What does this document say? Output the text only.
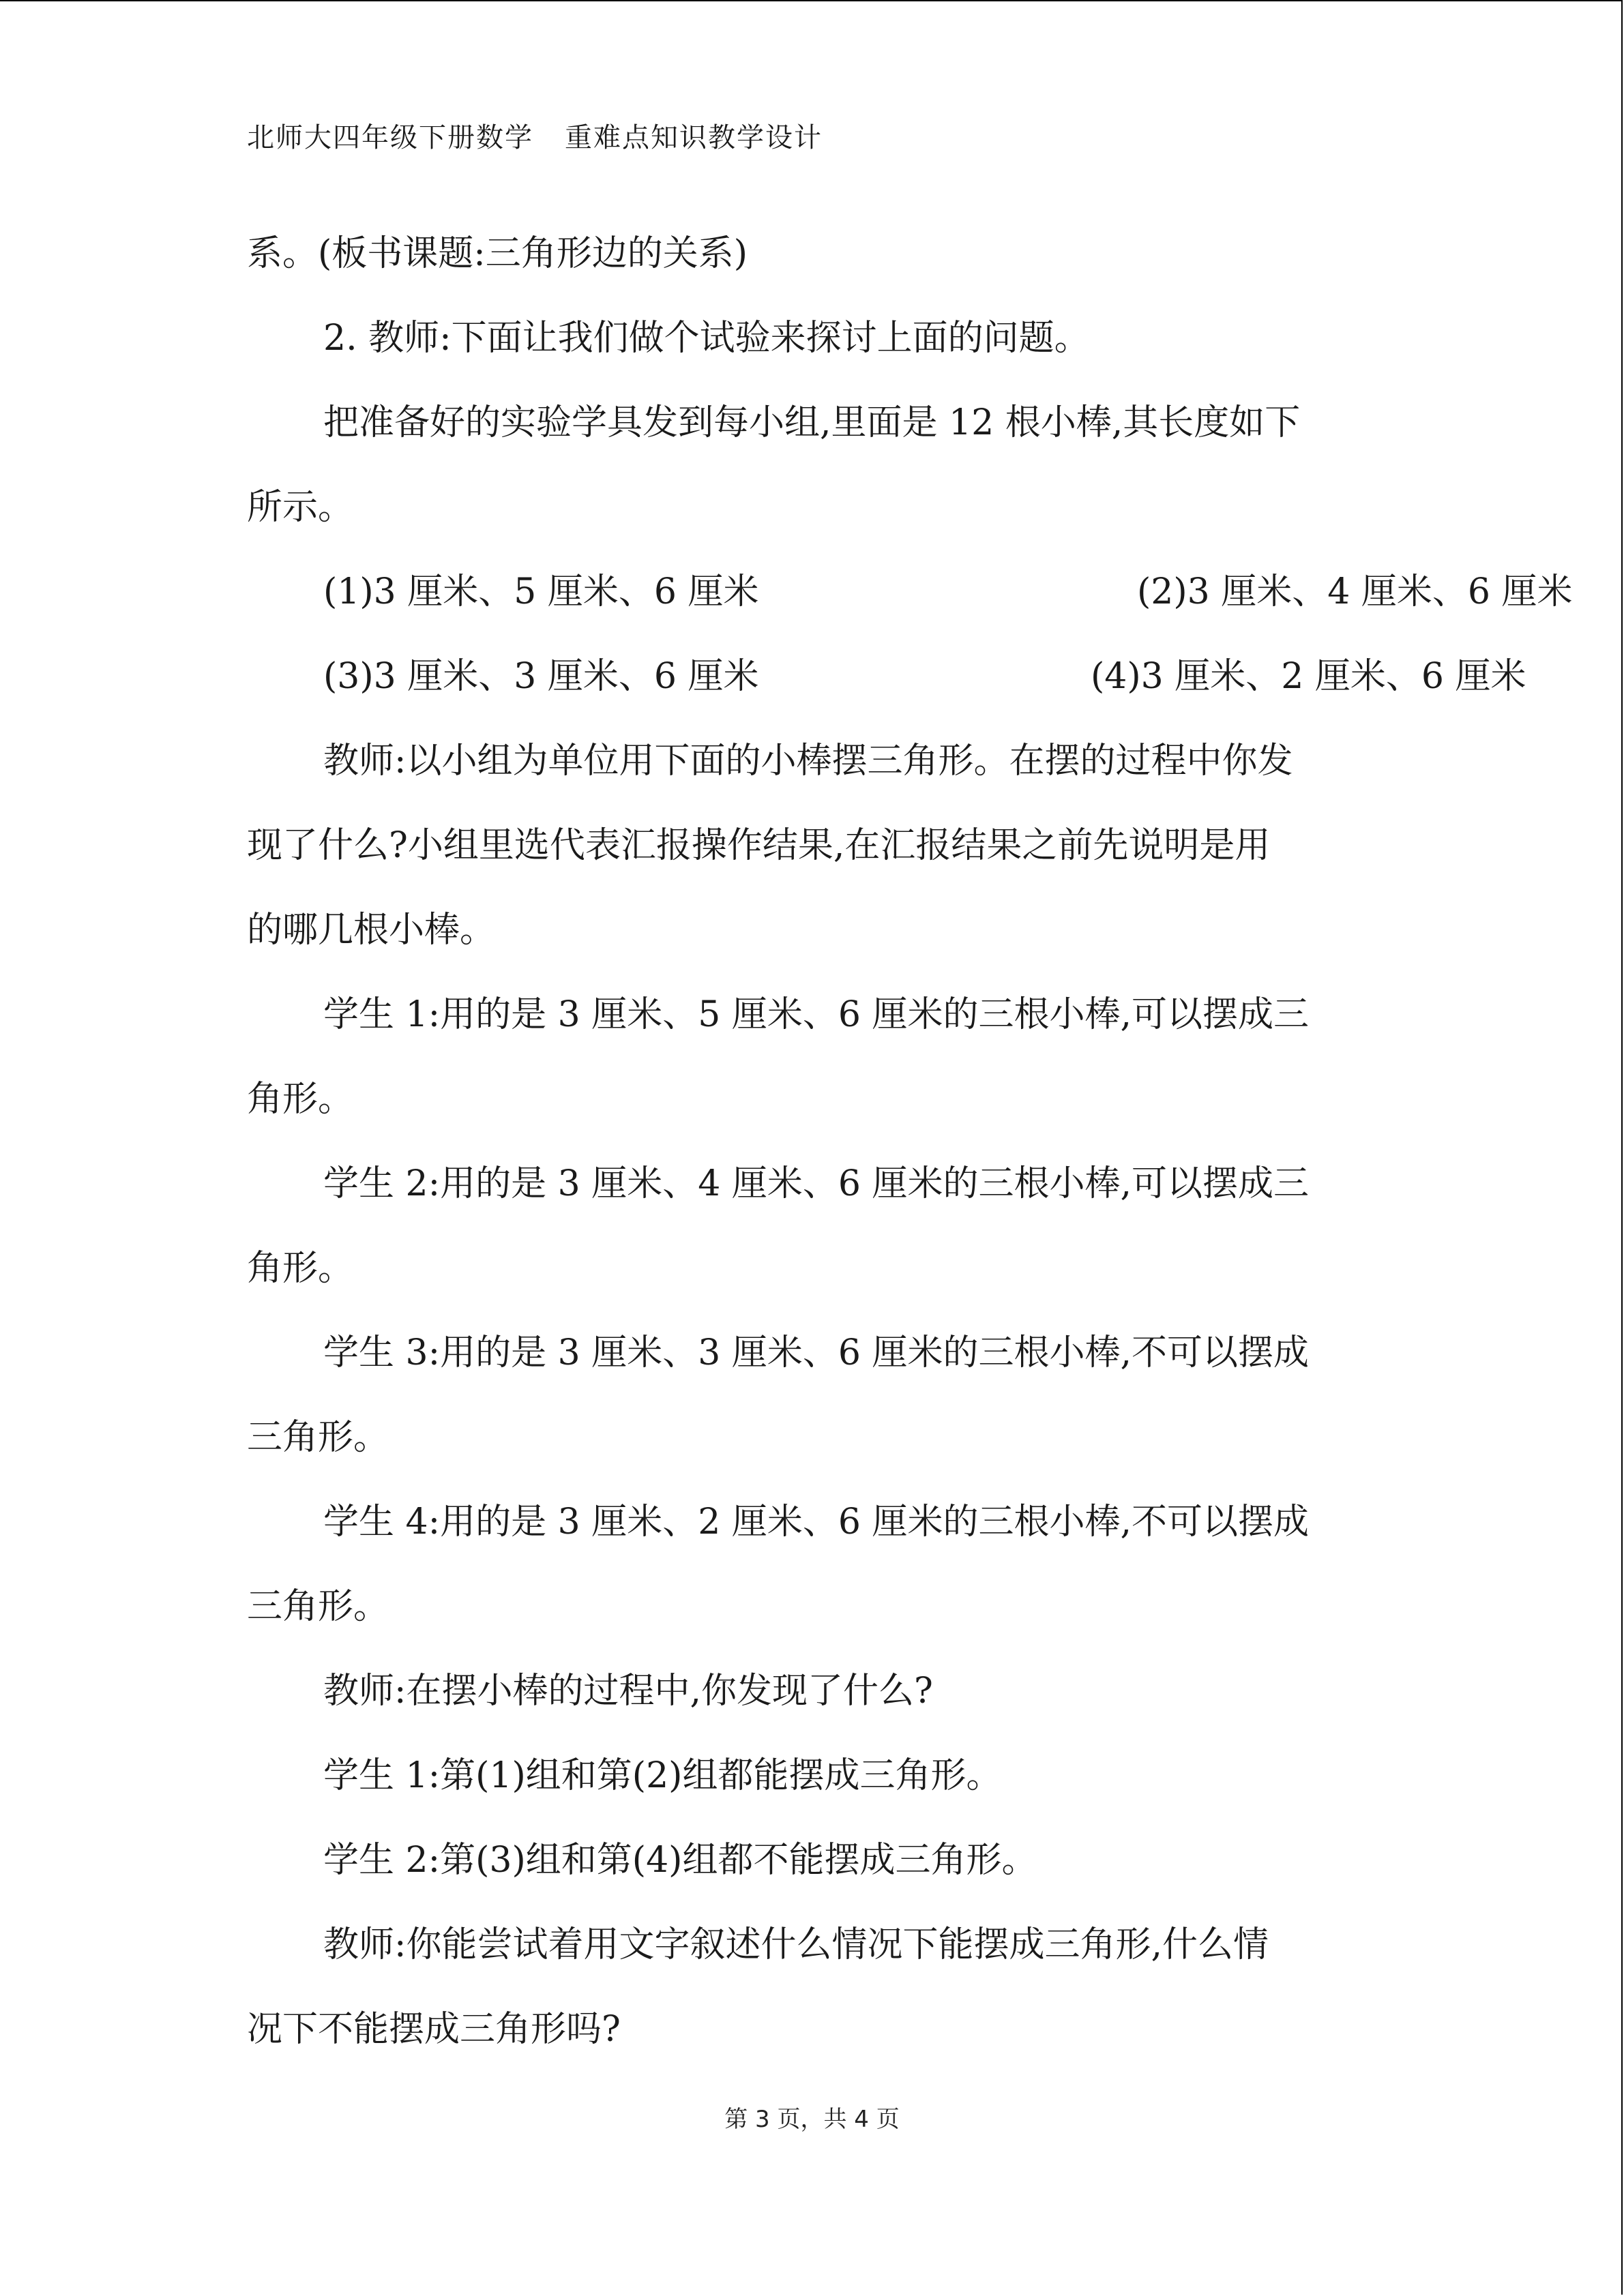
北师大四年级下册数学 重难点知识教学设计
系。(板书课题:三角形边的关系)
2. 教师:下面让我们做个试验来探讨上面的问题。
把准备好的实验学具发到每小组,里面是 12 根小棒,其长度如下
所示。
(1)3 厘米、5 厘米、6 厘米	(2)3 厘米、4 厘米、6 厘米
(3)3 厘米、3 厘米、6 厘米	(4)3 厘米、2 厘米、6 厘米
教师:以小组为单位用下面的小棒摆三角形。在摆的过程中你发
现了什么?小组里选代表汇报操作结果,在汇报结果之前先说明是用
的哪几根小棒。
学生 1:用的是 3 厘米、5 厘米、6 厘米的三根小棒,可以摆成三
角形。
学生 2:用的是 3 厘米、4 厘米、6 厘米的三根小棒,可以摆成三
角形。
学生 3:用的是 3 厘米、3 厘米、6 厘米的三根小棒,不可以摆成
三角形。
学生 4:用的是 3 厘米、2 厘米、6 厘米的三根小棒,不可以摆成
三角形。
教师:在摆小棒的过程中,你发现了什么?
学生 1:第(1)组和第(2)组都能摆成三角形。
学生 2:第(3)组和第(4)组都不能摆成三角形。
教师:你能尝试着用文字叙述什么情况下能摆成三角形,什么情
况下不能摆成三角形吗?
第 3 页，共 4 页
